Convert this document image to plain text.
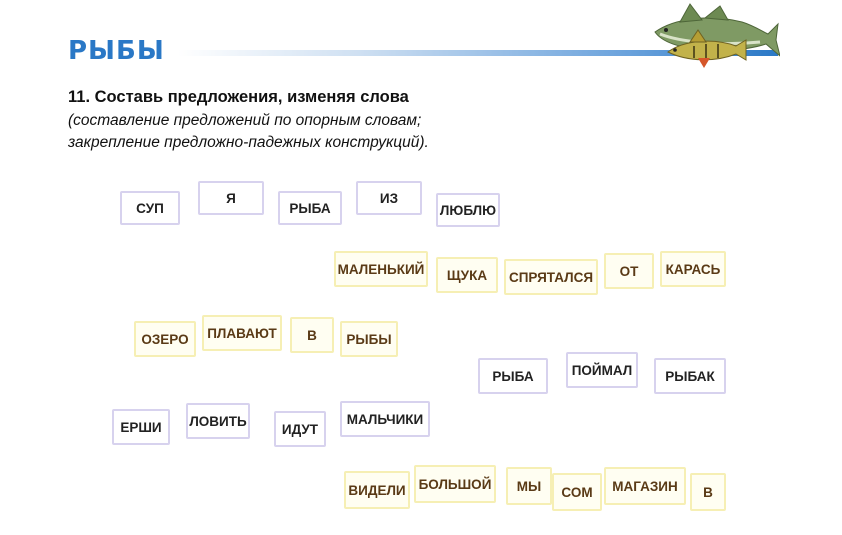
РЫБЫ
11. Составь предложения, изменяя слова
(составление предложений по опорным словам;
закрепление предложно-падежных конструкций).
СУП
Я
РЫБА
ИЗ
ЛЮБЛЮ
МАЛЕНЬКИЙ ЩУКА СПРЯТАЛСЯ ОТ КАРАСЬ
ОЗЕРО ПЛАВАЮТ В РЫБЫ
РЫБА	ПОЙМАЛ РЫБАК
ЕРШИ ЛОВИТЬ
ИДУТ
МАЛЬЧИКИ
ВИДЕЛИ БОЛЬШОЙ МЫ СОМ МАГАЗИН В
